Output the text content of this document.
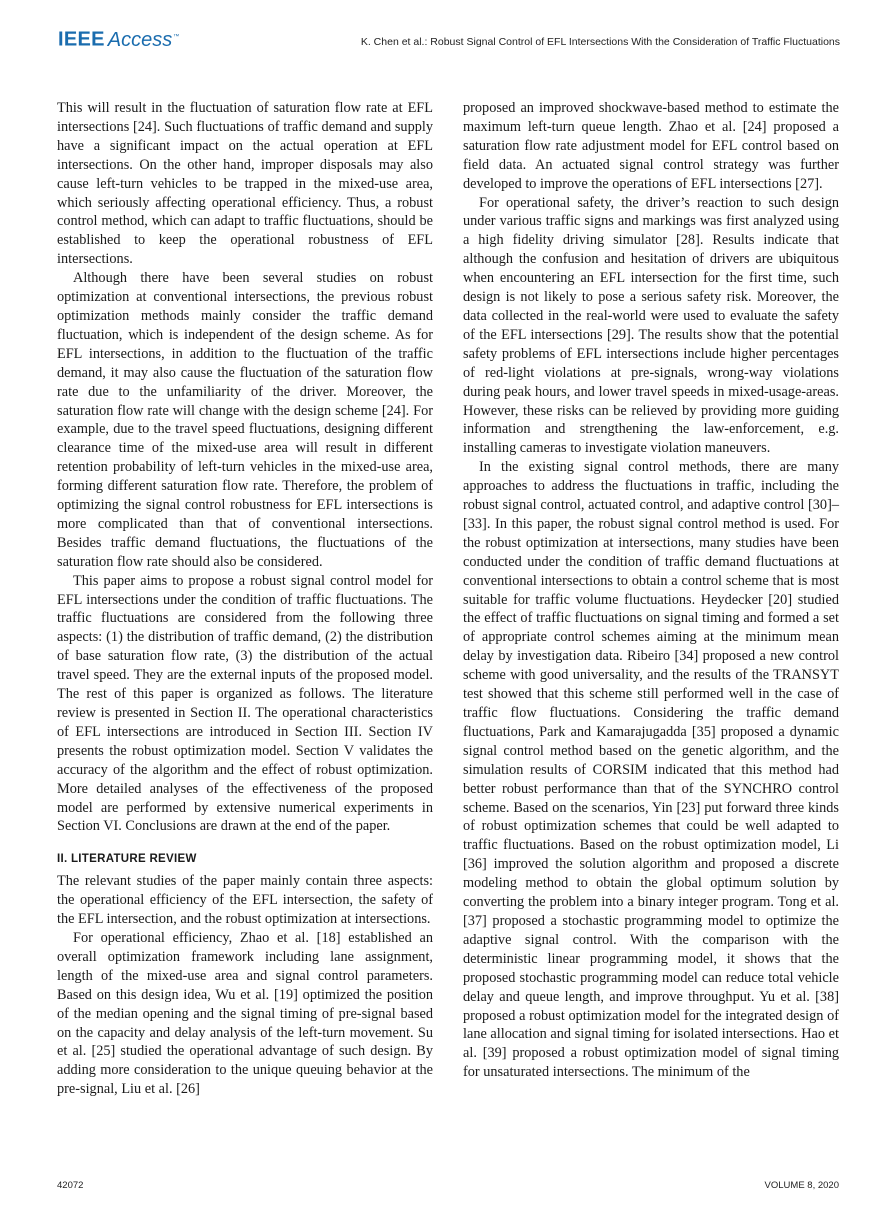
IEEE Access™	K. Chen et al.: Robust Signal Control of EFL Intersections With the Consideration of Traffic Fluctuations

This will result in the fluctuation of saturation flow rate at EFL intersections [24]. Such fluctuations of traffic demand and supply have a significant impact on the actual operation at EFL intersections. On the other hand, improper disposals may also cause left-turn vehicles to be trapped in the mixed-use area, which seriously affecting operational efficiency. Thus, a robust control method, which can adapt to traffic fluctuations, should be established to keep the operational robustness of EFL intersections.

Although there have been several studies on robust optimization at conventional intersections, the previous robust optimization methods mainly consider the traffic demand fluctuation, which is independent of the design scheme. As for EFL intersections, in addition to the fluctuation of the traffic demand, it may also cause the fluctuation of the saturation flow rate due to the unfamiliarity of the driver. Moreover, the saturation flow rate will change with the design scheme [24]. For example, due to the travel speed fluctuations, designing different clearance time of the mixed-use area will result in different retention probability of left-turn vehicles in the mixed-use area, forming different saturation flow rate. Therefore, the problem of optimizing the signal control robustness for EFL intersections is more complicated than that of conventional intersections. Besides traffic demand fluctuations, the fluctuations of the saturation flow rate should also be considered.

This paper aims to propose a robust signal control model for EFL intersections under the condition of traffic fluctuations. The traffic fluctuations are considered from the following three aspects: (1) the distribution of traffic demand, (2) the distribution of base saturation flow rate, (3) the distribution of the actual travel speed. They are the external inputs of the proposed model. The rest of this paper is organized as follows. The literature review is presented in Section II. The operational characteristics of EFL intersections are introduced in Section III. Section IV presents the robust optimization model. Section V validates the accuracy of the algorithm and the effect of robust optimization. More detailed analyses of the effectiveness of the proposed model are performed by extensive numerical experiments in Section VI. Conclusions are drawn at the end of the paper.

II. LITERATURE REVIEW

The relevant studies of the paper mainly contain three aspects: the operational efficiency of the EFL intersection, the safety of the EFL intersection, and the robust optimization at intersections.

For operational efficiency, Zhao et al. [18] established an overall optimization framework including lane assignment, length of the mixed-use area and signal control parameters. Based on this design idea, Wu et al. [19] optimized the position of the median opening and the signal timing of pre-signal based on the capacity and delay analysis of the left-turn movement. Su et al. [25] studied the operational advantage of such design. By adding more consideration to the unique queuing behavior at the pre-signal, Liu et al. [26]

proposed an improved shockwave-based method to estimate the maximum left-turn queue length. Zhao et al. [24] proposed a saturation flow rate adjustment model for EFL control based on field data. An actuated signal control strategy was further developed to improve the operations of EFL intersections [27].

For operational safety, the driver’s reaction to such design under various traffic signs and markings was first analyzed using a high fidelity driving simulator [28]. Results indicate that although the confusion and hesitation of drivers are ubiquitous when encountering an EFL intersection for the first time, such design is not likely to pose a serious safety risk. Moreover, the data collected in the real-world were used to evaluate the safety of the EFL intersections [29]. The results show that the potential safety problems of EFL intersections include higher percentages of red-light violations at pre-signals, wrong-way violations during peak hours, and lower travel speeds in mixed-usage-areas. However, these risks can be relieved by providing more guiding information and strengthening the law-enforcement, e.g. installing cameras to investigate violation maneuvers.

In the existing signal control methods, there are many approaches to address the fluctuations in traffic, including the robust signal control, actuated control, and adaptive control [30]–[33]. In this paper, the robust signal control method is used. For the robust optimization at intersections, many studies have been conducted under the condition of traffic demand fluctuations at conventional intersections to obtain a control scheme that is most suitable for traffic volume fluctuations. Heydecker [20] studied the effect of traffic fluctuations on signal timing and formed a set of appropriate control schemes aiming at the minimum mean delay by investigation data. Ribeiro [34] proposed a new control scheme with good universality, and the results of the TRANSYT test showed that this scheme still performed well in the case of traffic flow fluctuations. Considering the traffic demand fluctuations, Park and Kamarajugadda [35] proposed a dynamic signal control method based on the genetic algorithm, and the simulation results of CORSIM indicated that this method had better robust performance than that of the SYNCHRO control scheme. Based on the scenarios, Yin [23] put forward three kinds of robust optimization schemes that could be well adapted to traffic fluctuations. Based on the robust optimization model, Li [36] improved the solution algorithm and proposed a discrete modeling method to obtain the global optimum solution by converting the problem into a binary integer program. Tong et al. [37] proposed a stochastic programming model to optimize the adaptive signal control. With the comparison with the deterministic linear programming model, it shows that the proposed stochastic programming model can reduce total vehicle delay and queue length, and improve throughput. Yu et al. [38] proposed a robust optimization model for the integrated design of lane allocation and signal timing for isolated intersections. Hao et al. [39] proposed a robust optimization model of signal timing for unsaturated intersections. The minimum of the

42072	VOLUME 8, 2020
